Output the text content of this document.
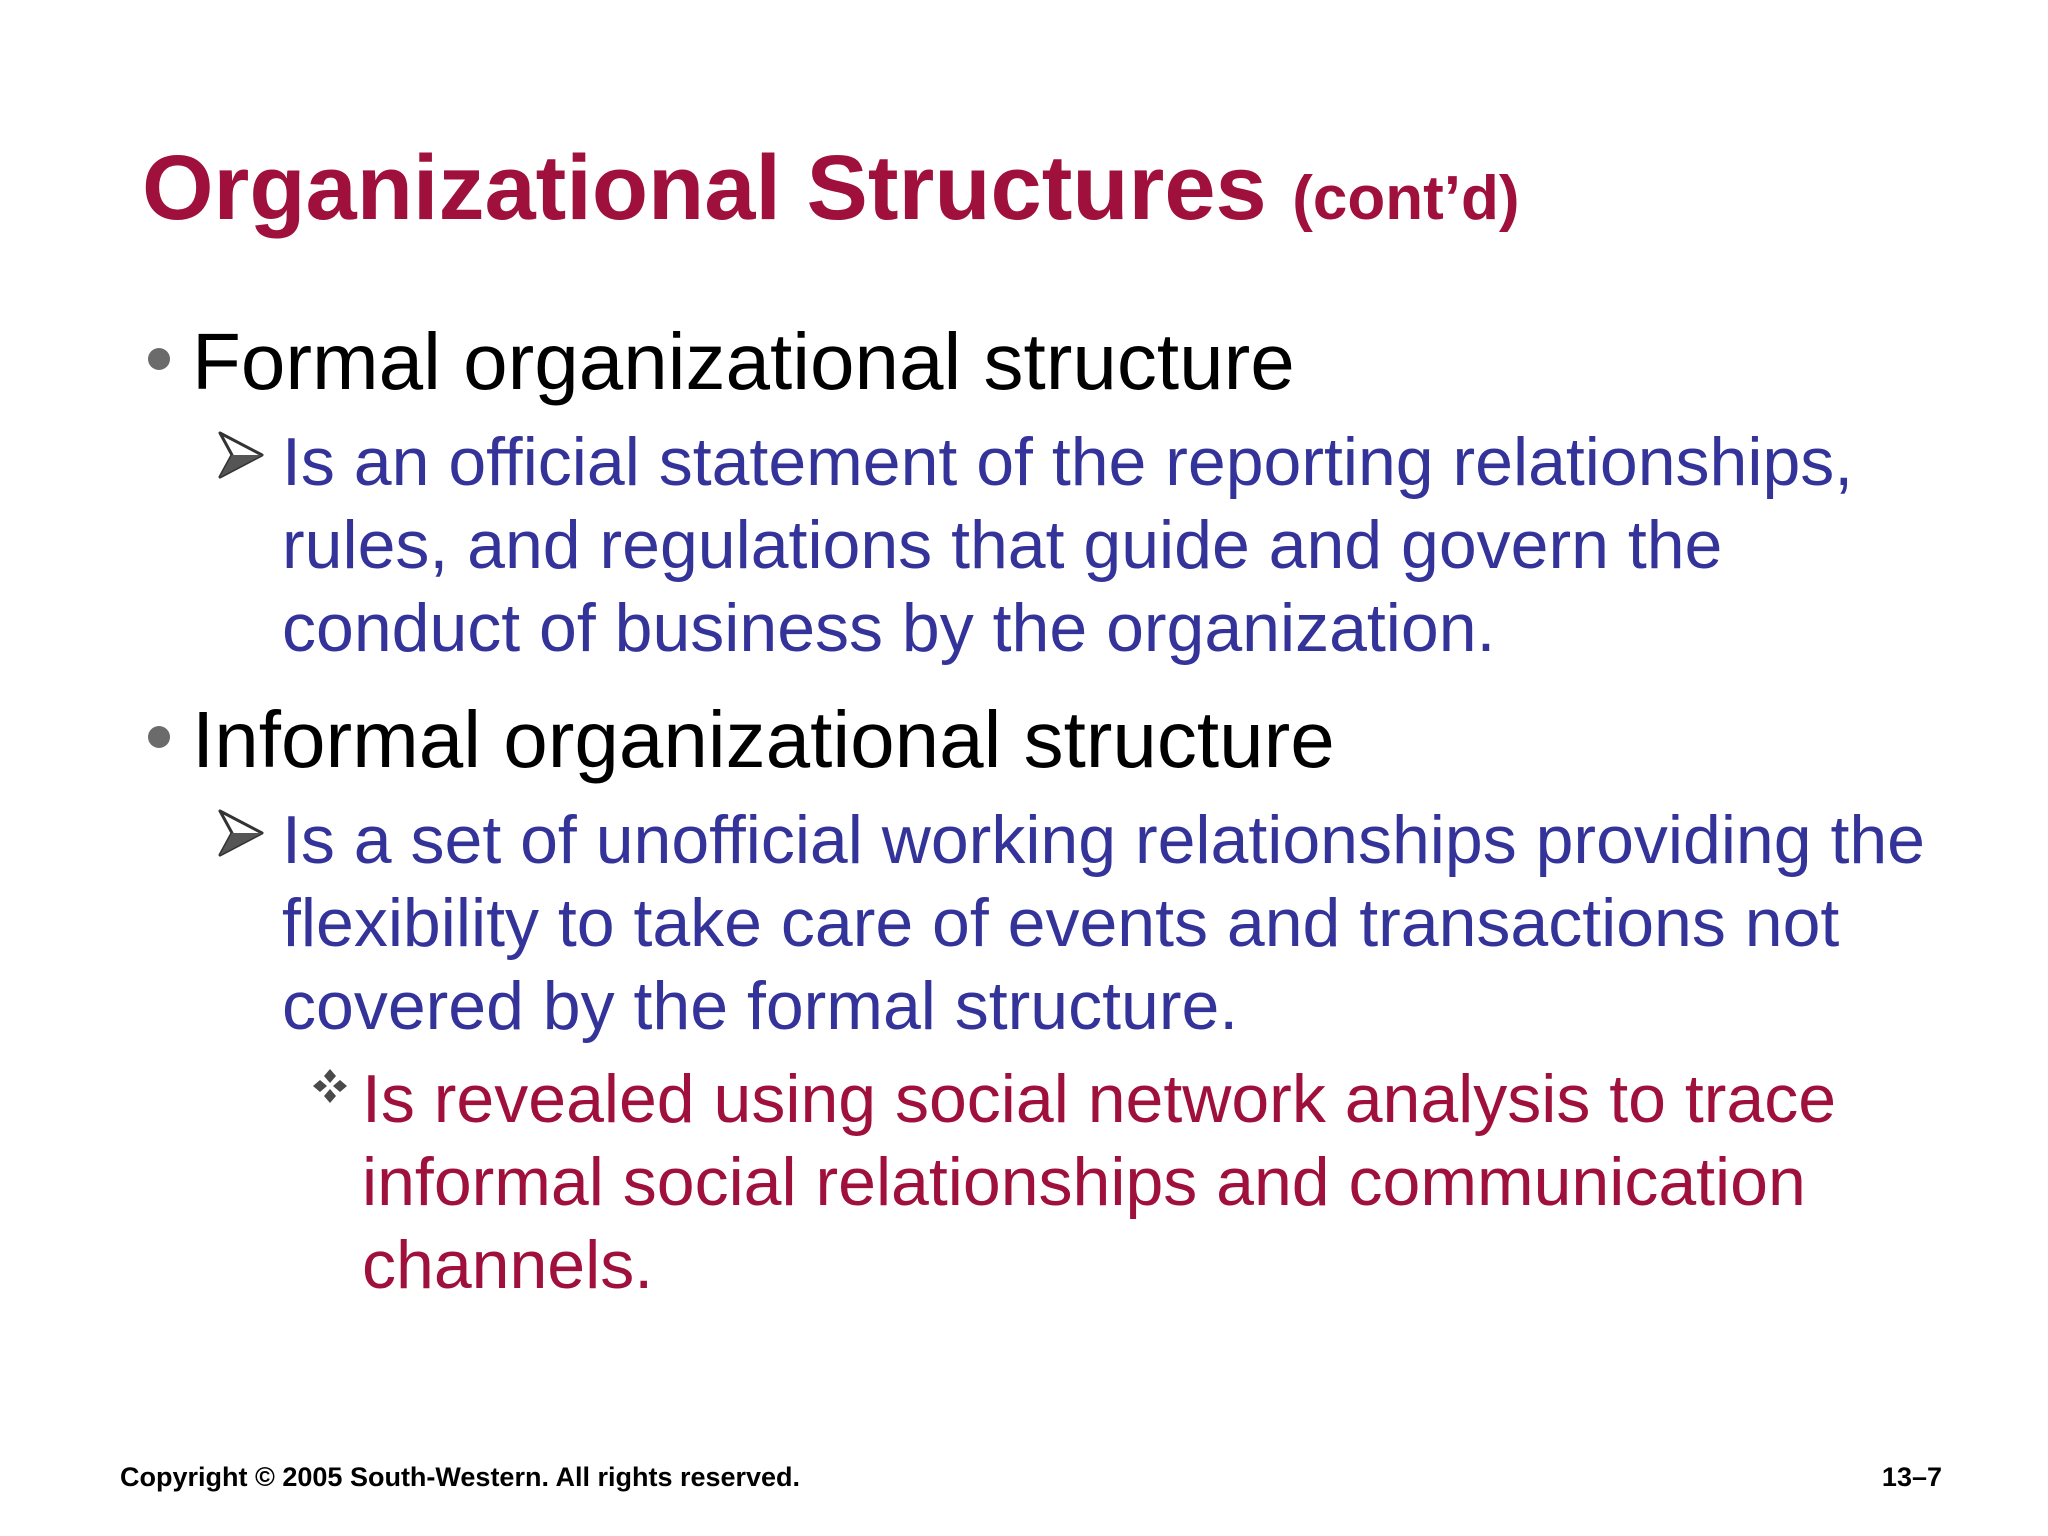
Organizational Structures (cont’d)
Formal organizational structure
Is an official statement of the reporting relationships, rules, and regulations that guide and govern the conduct of business by the organization.
Informal organizational structure
Is a set of unofficial working relationships providing the flexibility to take care of events and transactions not covered by the formal structure.
Is revealed using social network analysis to trace informal social relationships and communication channels.
Copyright © 2005 South-Western. All rights reserved.	13–7
